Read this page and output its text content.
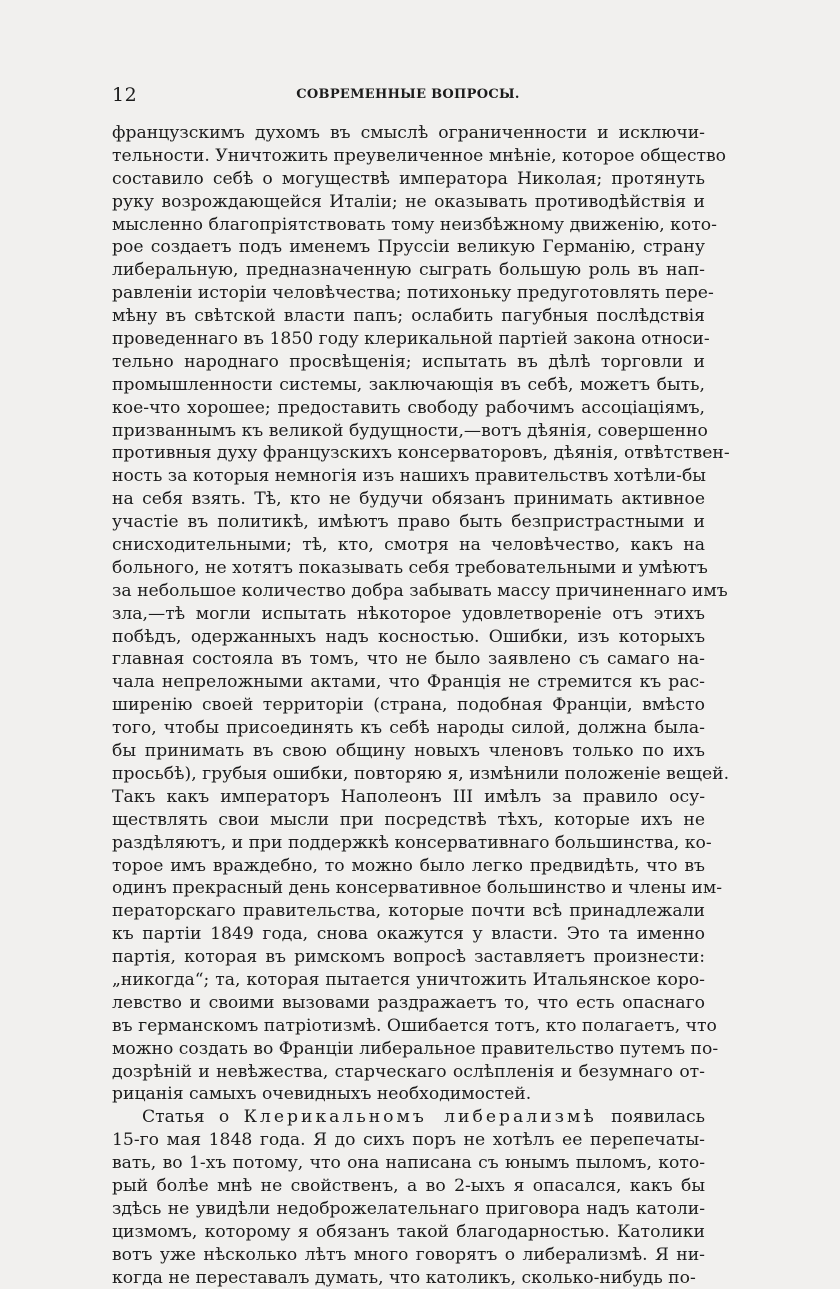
12	СОВРЕМЕННЫЕ ВОПРОСЫ.
французскимъ духомъ въ смыслѣ ограниченности и исключи-
тельности. Уничтожить преувеличенное мнѣніе, которое общество
составило себѣ о могуществѣ императора Николая; протянуть
руку возрождающейся Италіи; не оказывать противодѣйствія и
мысленно благопріятствовать тому неизбѣжному движенію, кото-
рое создаетъ подъ именемъ Пруссіи великую Германію, страну
либеральную, предназначенную сыграть большую роль въ нап-
равленіи исторіи человѣчества; потихоньку предуготовлять пере-
мѣну въ свѣтской власти папъ; ослабить пагубныя послѣдствія
проведеннаго въ 1850 году клерикальной партіей закона относи-
тельно народнаго просвѣщенія; испытать въ дѣлѣ торговли и
промышленности системы, заключающія въ себѣ, можетъ быть,
кое-что хорошее; предоставить свободу рабочимъ ассоціаціямъ,
призваннымъ къ великой будущности,—вотъ дѣянія, совершенно
противныя духу французскихъ консерваторовъ, дѣянія, отвѣтствен-
ность за которыя немногія изъ нашихъ правительствъ хотѣли-бы
на себя взять. Тѣ, кто не будучи обязанъ принимать активное
участіе въ политикѣ, имѣютъ право быть безпристрастными и
снисходительными; тѣ, кто, смотря на человѣчество, какъ на
больного, не хотятъ показывать себя требовательными и умѣютъ
за небольшое количество добра забывать массу причиненнаго имъ
зла,—тѣ могли испытать нѣкоторое удовлетвореніе отъ этихъ
побѣдъ, одержанныхъ надъ косностью. Ошибки, изъ которыхъ
главная состояла въ томъ, что не было заявлено съ самаго на-
чала непреложными актами, что Франція не стремится къ рас-
ширенію своей территоріи (страна, подобная Франціи, вмѣсто
того, чтобы присоединять къ себѣ народы силой, должна была-
бы принимать въ свою общину новыхъ членовъ только по ихъ
просьбѣ), грубыя ошибки, повторяю я, измѣнили положеніе вещей.
Такъ какъ императоръ Наполеонъ III имѣлъ за правило осу-
ществлять свои мысли при посредствѣ тѣхъ, которые ихъ не
раздѣляютъ, и при поддержкѣ консервативнаго большинства, ко-
торое имъ враждебно, то можно было легко предвидѣть, что въ
одинъ прекрасный день консервативное большинство и члены им-
ператорскаго правительства, которые почти всѣ принадлежали
къ партіи 1849 года, снова окажутся у власти. Это та именно
партія, которая въ римскомъ вопросѣ заставляетъ произнести:
„никогда“; та, которая пытается уничтожить Итальянское коро-
левство и своими вызовами раздражаетъ то, что есть опаснаго
въ германскомъ патріотизмѣ. Ошибается тотъ, кто полагаетъ, что
можно создать во Франціи либеральное правительство путемъ по-
дозрѣній и невѣжества, старческаго ослѣпленія и безумнаго от-
рицанія самыхъ очевидныхъ необходимостей.
Статья о Клерикальномъ либерализмѣ появилась
15-го мая 1848 года. Я до сихъ поръ не хотѣлъ ее перепечаты-
вать, во 1-хъ потому, что она написана съ юнымъ пыломъ, кото-
рый болѣе мнѣ не свойственъ, а во 2-ыхъ я опасался, какъ бы
здѣсь не увидѣли недоброжелательнаго приговора надъ католи-
цизмомъ, которому я обязанъ такой благодарностью. Католики
вотъ уже нѣсколько лѣтъ много говорятъ о либерализмѣ. Я ни-
когда не переставалъ думать, что католикъ, сколько-нибудь по-
